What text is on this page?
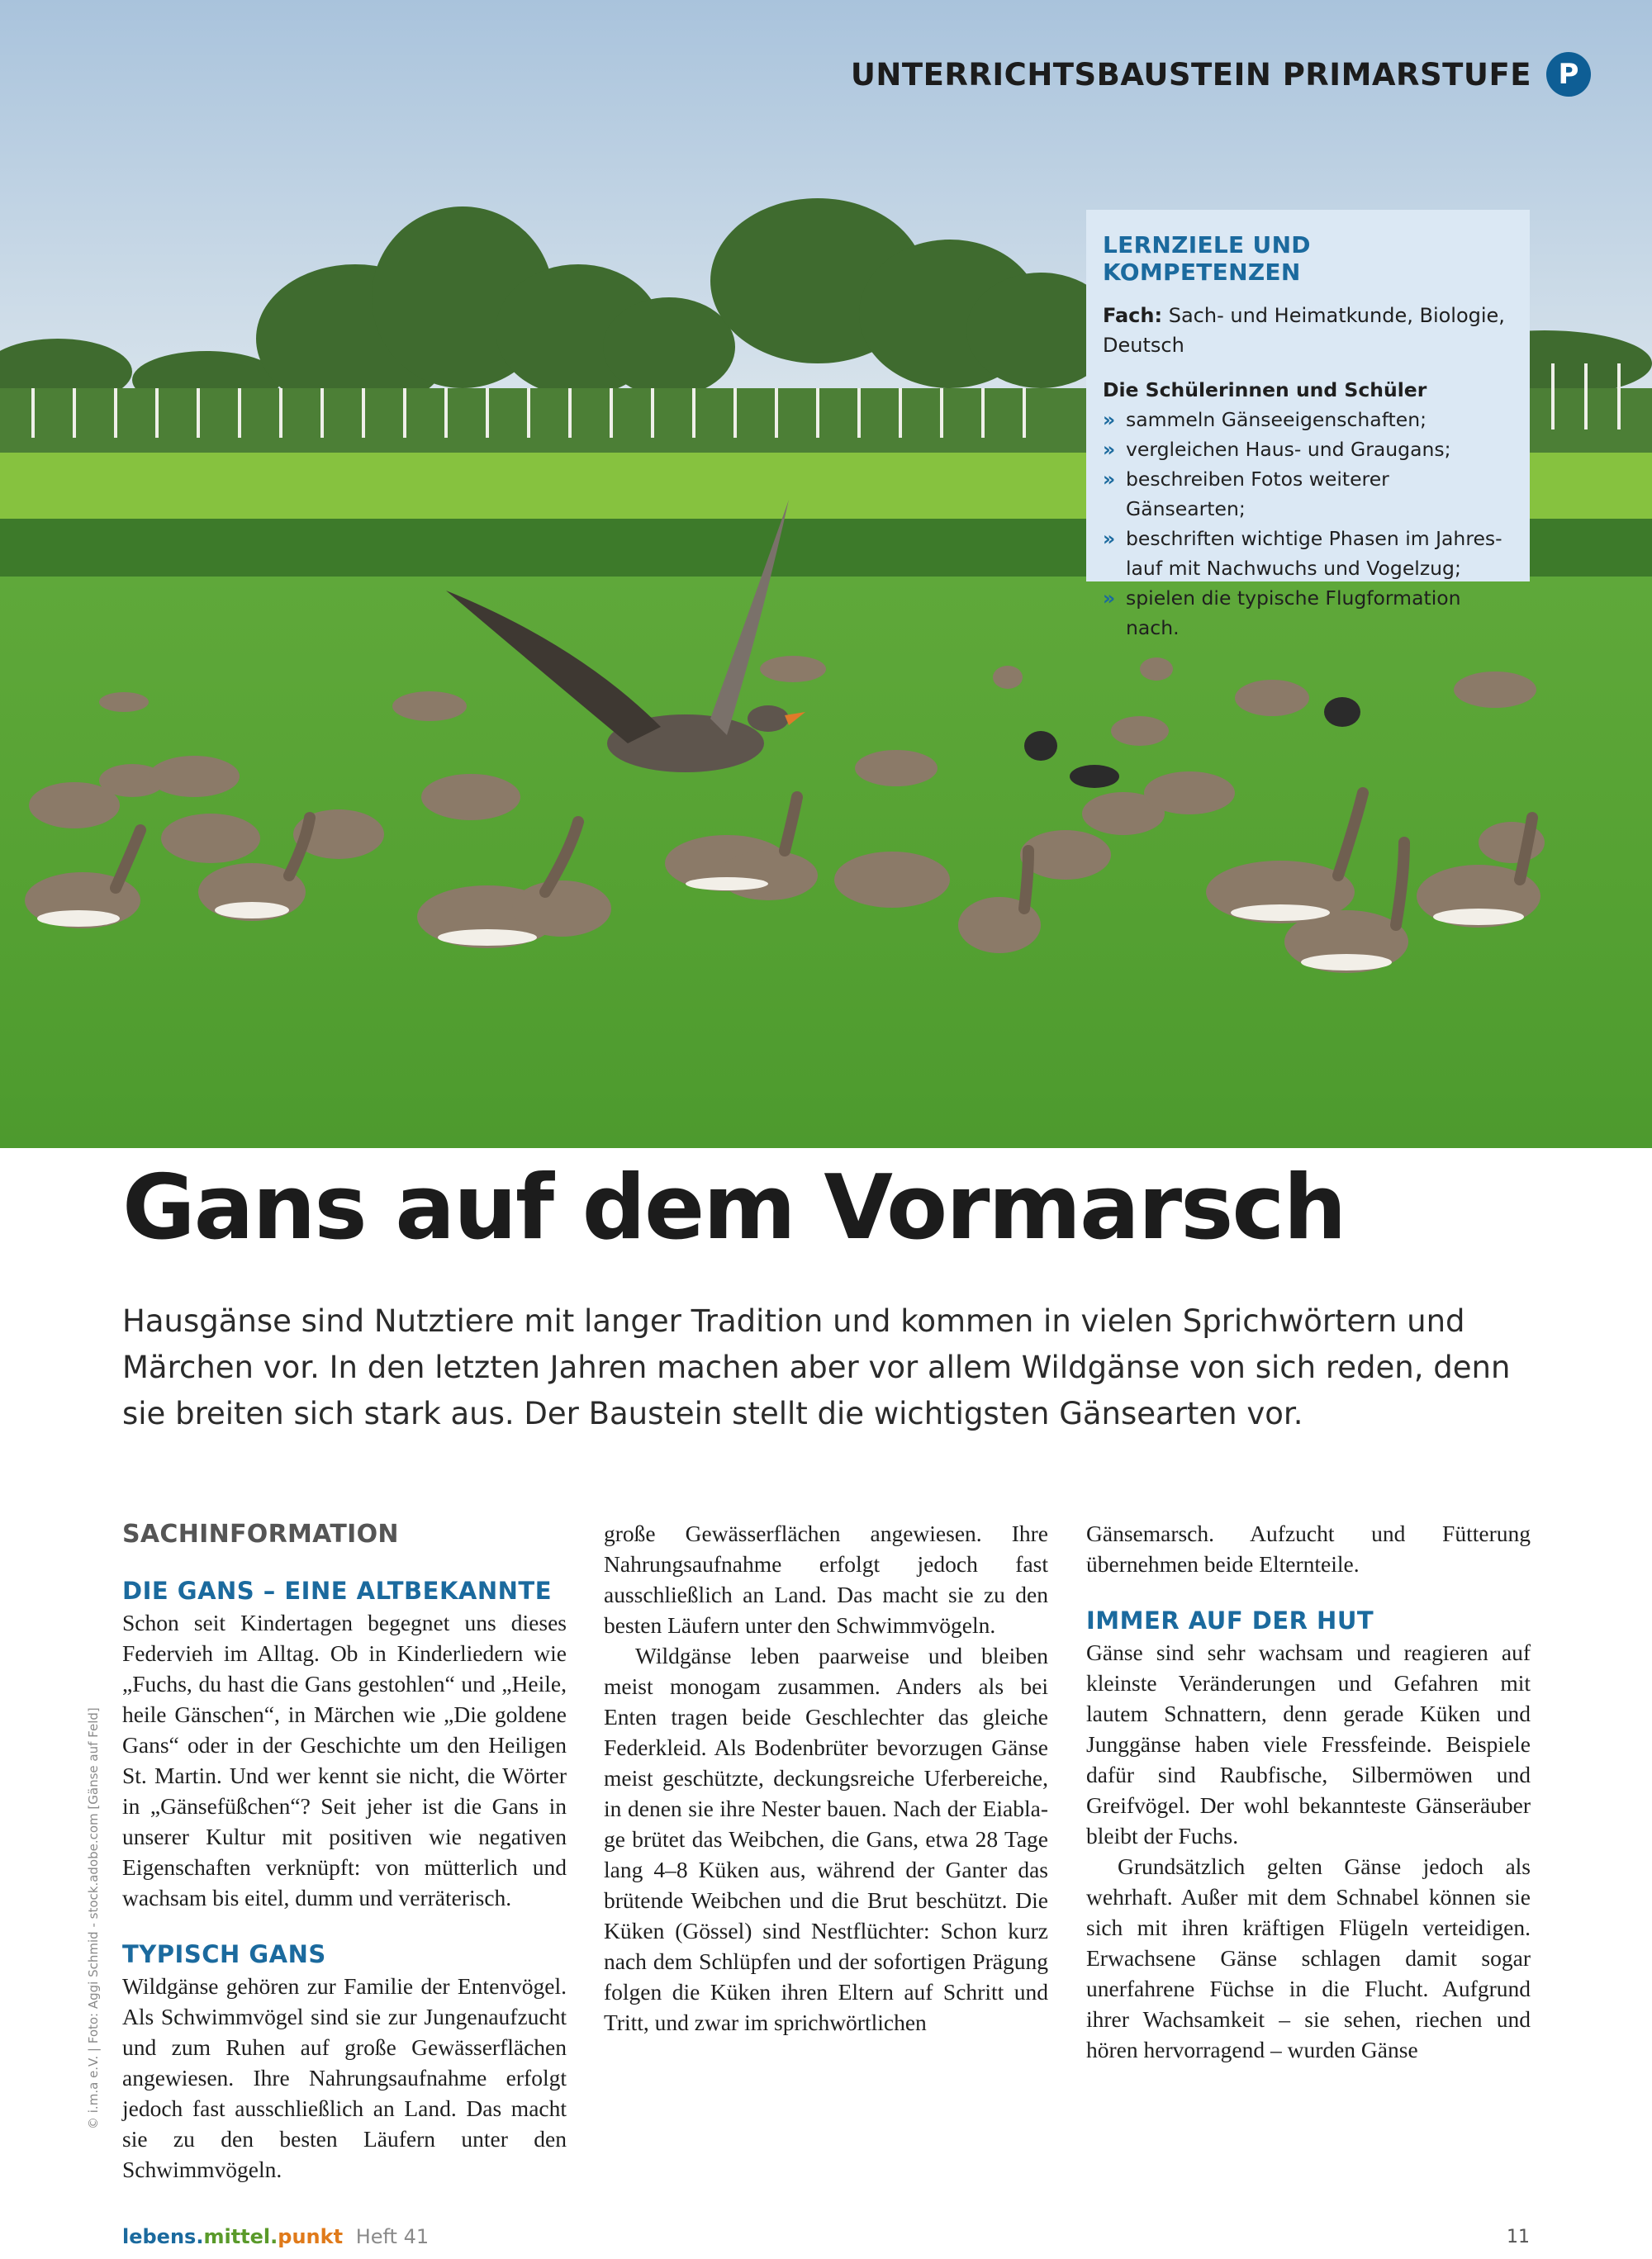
UNTERRICHTSBAUSTEIN PRIMARSTUFE P
LERNZIELE UND KOMPETENZEN
Fach: Sach- und Heimatkunde, Biologie, Deutsch
Die Schülerinnen und Schüler
» sammeln Gänseeigenschaften;
» vergleichen Haus- und Graugans;
» beschreiben Fotos weiterer Gänsearten;
» beschriften wichtige Phasen im Jahreslauf mit Nachwuchs und Vogelzug;
» spielen die typische Flugformation nach.
Gans auf dem Vormarsch

Hausgänse sind Nutztiere mit langer Tradition und kommen in vielen Sprichwörtern und Märchen vor. In den letzten Jahren machen aber vor allem Wildgänse von sich reden, denn sie breiten sich stark aus. Der Baustein stellt die wichtigsten Gänsearten vor.

SACHINFORMATION
DIE GANS – EINE ALTBEKANNTE

Schon seit Kindertagen begegnet uns dieses Federvieh im Alltag. Ob in Kinderliedern wie „Fuchs, du hast die Gans gestohlen“ und „Heile, heile Gänschen“, in Märchen wie „Die goldene Gans“ oder in der Geschichte um den Heiligen St. Martin. Und wer kennt sie nicht, die Wörter in „Gänsefüßchen“? Seit jeher ist die Gans in unserer Kultur mit positiven wie negativen Eigenschaften verknüpft: von mütterlich und wachsam bis eitel, dumm und verräterisch.

TYPISCH GANS

Wildgänse gehören zur Familie der Entenvögel. Als Schwimmvögel sind sie zur Jungenaufzucht und zum Ruhen auf große Gewässerflächen angewiesen. Ihre Nahrungsaufnahme erfolgt jedoch fast ausschließlich an Land. Das macht sie zu den besten Läufern unter den Schwimmvögeln.

große Gewässerflächen angewiesen. Ihre Nahrungsaufnahme erfolgt jedoch fast ausschließlich an Land. Das macht sie zu den besten Läufern unter den Schwimmvögeln.

Wildgänse leben paarweise und bleiben meist monogam zusammen. Anders als bei Enten tragen beide Geschlechter das gleiche Federkleid. Als Bodenbrüter bevorzugen Gänse meist geschützte, deckungsreiche Uferbereiche, in denen sie ihre Nester bauen. Nach der Eiablage brütet das Weibchen, die Gans, etwa 28 Tage lang 4–8 Küken aus, während der Ganter das brütende Weibchen und die Brut beschützt. Die Küken (Gössel) sind Nestflüchter: Schon kurz nach dem Schlüpfen und der sofortigen Prägung folgen die Küken ihren Eltern auf Schritt und Tritt, und zwar im sprichwörtlichen

Gänsemarsch. Aufzucht und Fütterung übernehmen beide Elternteile.

IMMER AUF DER HUT

Gänse sind sehr wachsam und reagieren auf kleinste Veränderungen und Gefahren mit lautem Schnattern, denn gerade Küken und Junggänse haben viele Fressfeinde. Beispiele dafür sind Raubfische, Silbermöwen und Greifvögel. Der wohl bekannteste Gänseräuber bleibt der Fuchs.

Grundsätzlich gelten Gänse jedoch als wehrhaft. Außer mit dem Schnabel können sie sich mit ihren kräftigen Flügeln verteidigen. Erwachsene Gänse schlagen damit sogar unerfahrene Füchse in die Flucht. Aufgrund ihrer Wachsamkeit – sie sehen, riechen und hören hervorragend – wurden Gänse

© i.m.a e.V. | Foto: Aggi Schmid - stock.adobe.com [Gänse auf Feld]
lebens.mittel.punkt Heft 41	11
